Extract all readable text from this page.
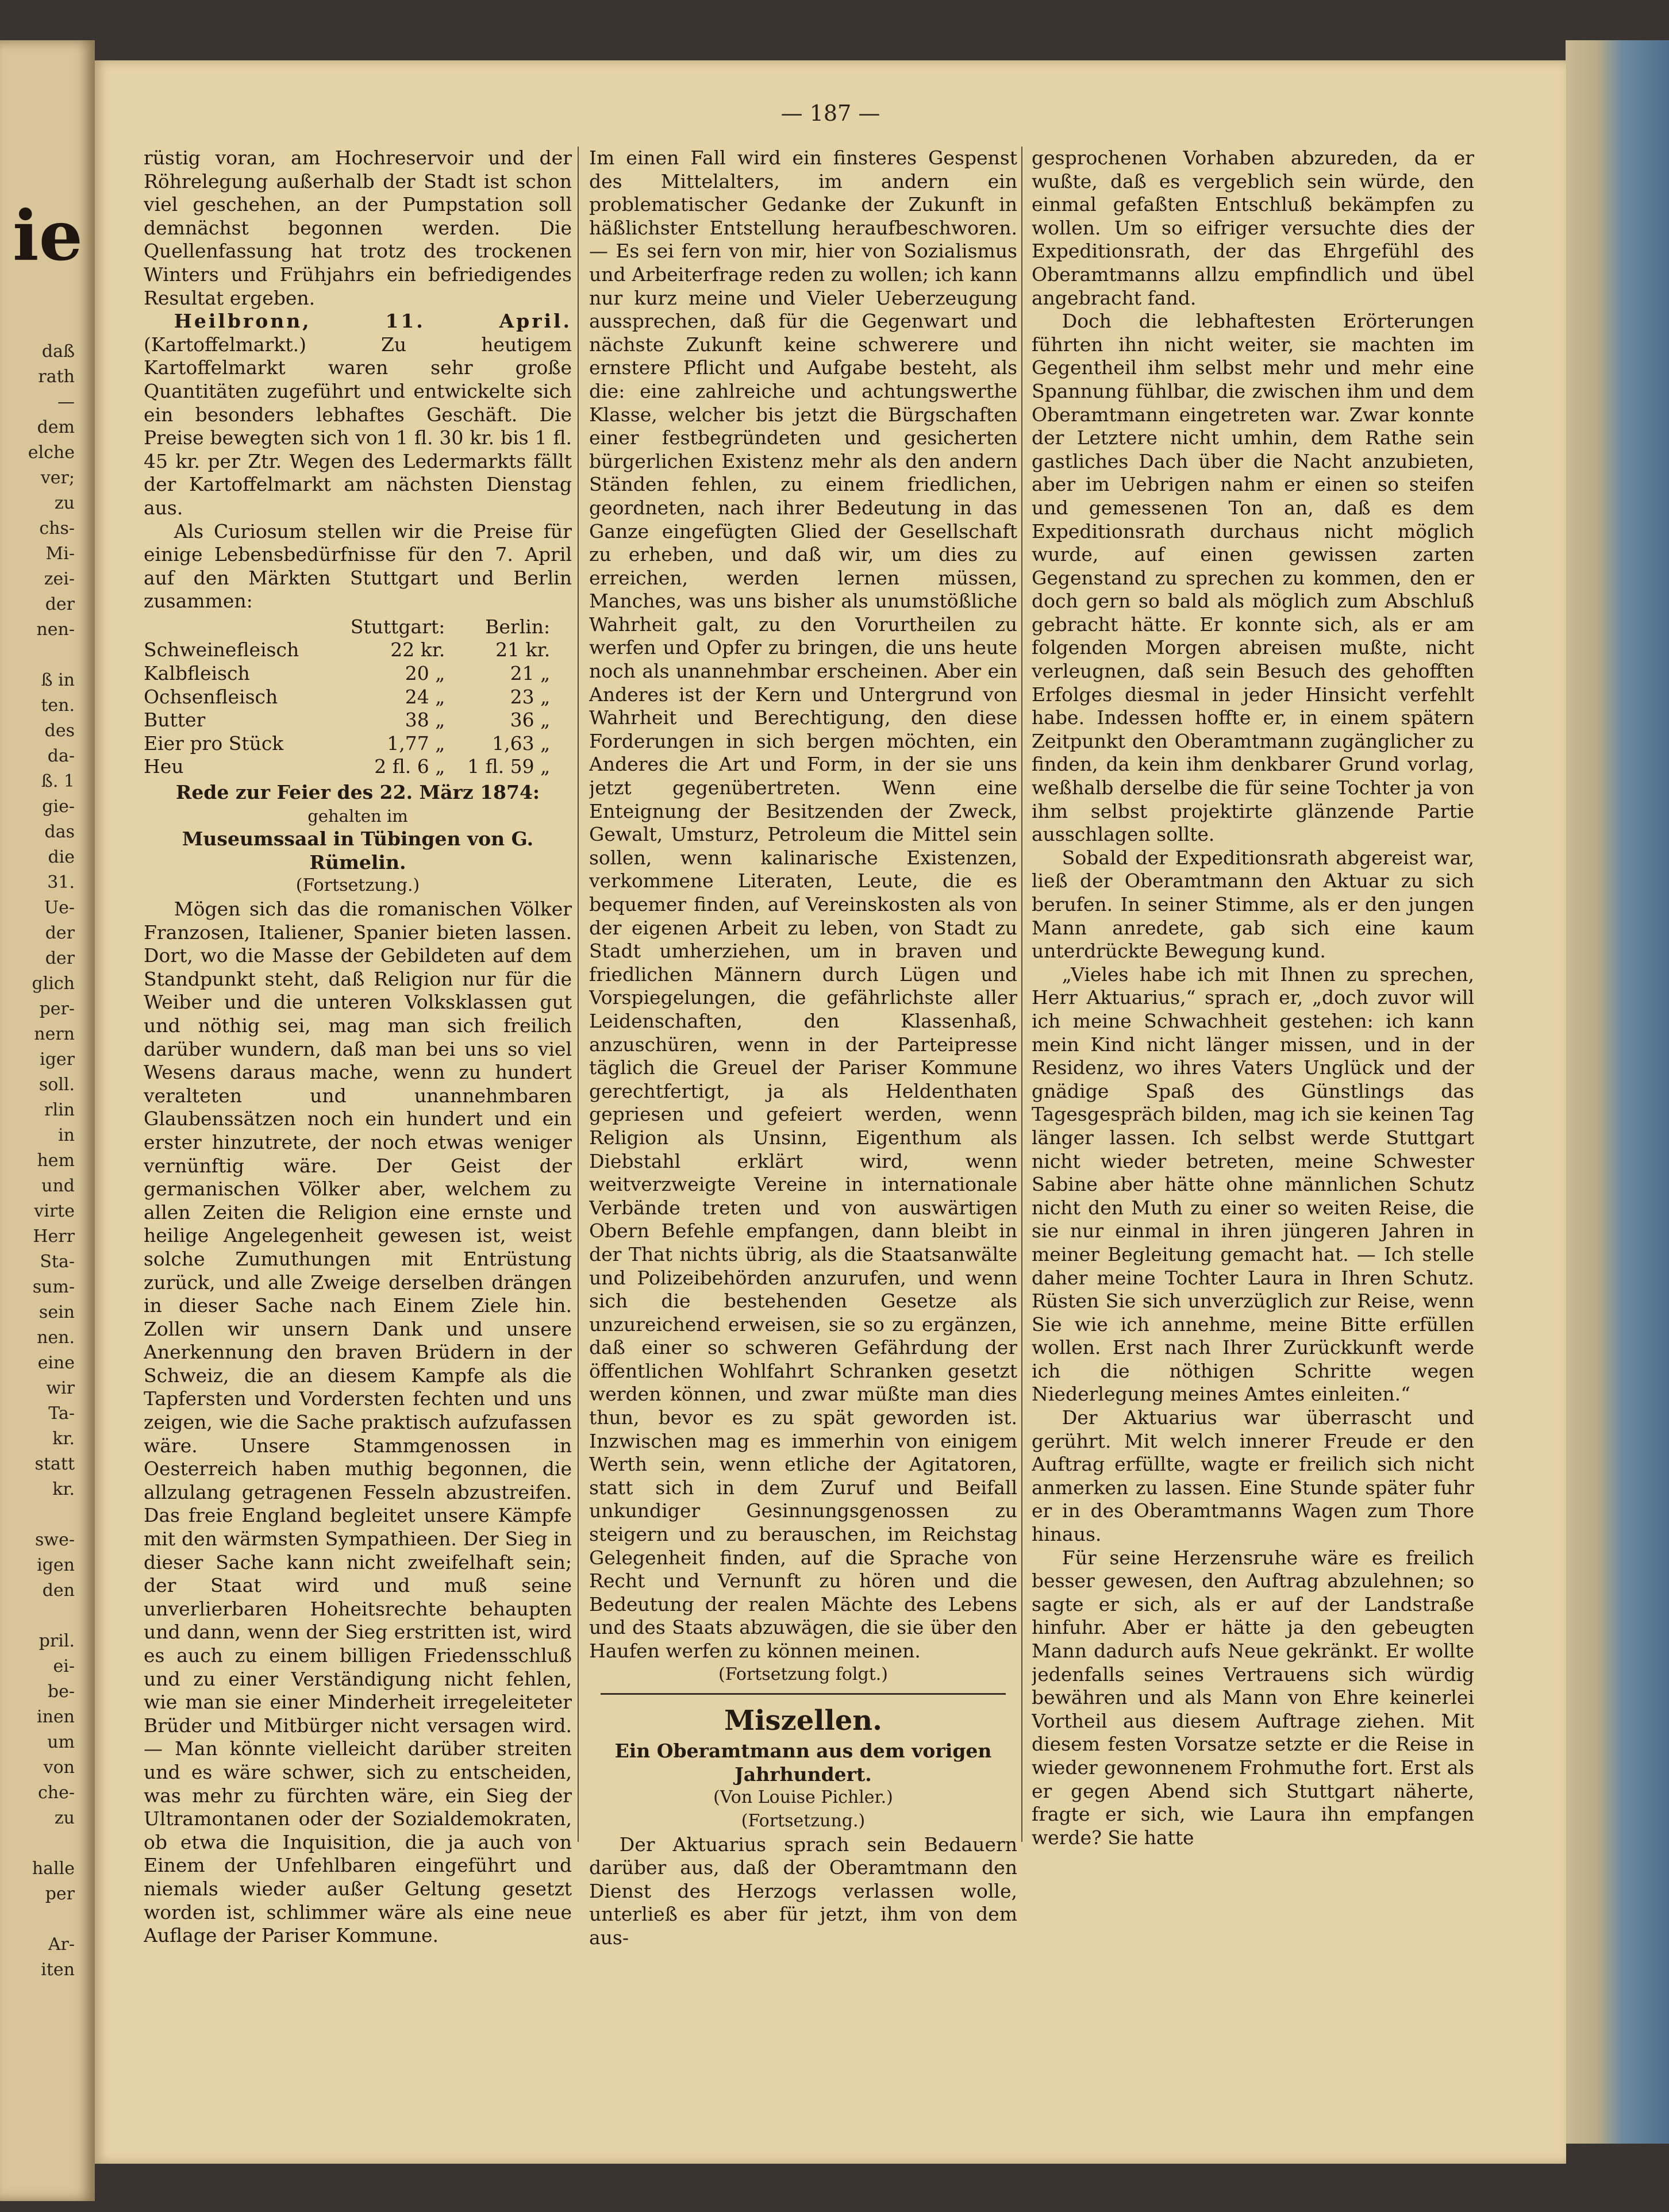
ie
daß
rath
—
dem
elche
ver;
zu
chs-
Mi-
zei-
der
nen-

ß in
ten.
des
da-
ß. 1
gie-
das
die
31.
Ue-
der
der
glich
per-
nern
iger
soll.
rlin
in
hem
und
virte
Herr
Sta-
sum-
sein
nen.
eine
wir
Ta-
kr.
statt
kr.

swe-
igen
den

pril.
ei-
be-
inen
um
von
che-
zu

halle
per

Ar-
iten
— 187 —

rüstig voran, am Hochreservoir und der Röhrelegung außerhalb der Stadt ist schon viel geschehen, an der Pumpstation soll demnächst begonnen werden. Die Quellenfassung hat trotz des trockenen Winters und Frühjahrs ein befriedigendes Resultat ergeben.

Heilbronn, 11. April. (Kartoffelmarkt.) Zu heutigem Kartoffelmarkt waren sehr große Quantitäten zugeführt und entwickelte sich ein besonders lebhaftes Geschäft. Die Preise bewegten sich von 1 fl. 30 kr. bis 1 fl. 45 kr. per Ztr. Wegen des Ledermarkts fällt der Kartoffelmarkt am nächsten Dienstag aus.

Als Curiosum stellen wir die Preise für einige Lebensbedürfnisse für den 7. April auf den Märkten Stuttgart und Berlin zusammen:

	Stuttgart:	Berlin:
Schweinefleisch	22 kr.	21 kr.
Kalbfleisch	20 „	21 „
Ochsenfleisch	24 „	23 „
Butter	38 „	36 „
Eier pro Stück	1,77 „	1,63 „
Heu	2 fl. 6 „	1 fl. 59 „
Rede zur Feier des 22. März 1874:
gehalten im
Museumssaal in Tübingen von G. Rümelin.
(Fortsetzung.)

Mögen sich das die romanischen Völker Franzosen, Italiener, Spanier bieten lassen. Dort, wo die Masse der Gebildeten auf dem Standpunkt steht, daß Religion nur für die Weiber und die unteren Volksklassen gut und nöthig sei, mag man sich freilich darüber wundern, daß man bei uns so viel Wesens daraus mache, wenn zu hundert veralteten und unannehmbaren Glaubenssätzen noch ein hundert und ein erster hinzutrete, der noch etwas weniger vernünftig wäre. Der Geist der germanischen Völker aber, welchem zu allen Zeiten die Religion eine ernste und heilige Angelegenheit gewesen ist, weist solche Zumuthungen mit Entrüstung zurück, und alle Zweige derselben drängen in dieser Sache nach Einem Ziele hin. Zollen wir unsern Dank und unsere Anerkennung den braven Brüdern in der Schweiz, die an diesem Kampfe als die Tapfersten und Vordersten fechten und uns zeigen, wie die Sache praktisch aufzufassen wäre. Unsere Stammgenossen in Oesterreich haben muthig begonnen, die allzulang getragenen Fesseln abzustreifen. Das freie England begleitet unsere Kämpfe mit den wärmsten Sympathieen. Der Sieg in dieser Sache kann nicht zweifelhaft sein; der Staat wird und muß seine unverlierbaren Hoheitsrechte behaupten und dann, wenn der Sieg erstritten ist, wird es auch zu einem billigen Friedensschluß und zu einer Verständigung nicht fehlen, wie man sie einer Minderheit irregeleiteter Brüder und Mitbürger nicht versagen wird. — Man könnte vielleicht darüber streiten und es wäre schwer, sich zu entscheiden, was mehr zu fürchten wäre, ein Sieg der Ultramontanen oder der Sozialdemokraten, ob etwa die Inquisition, die ja auch von Einem der Unfehlbaren eingeführt und niemals wieder außer Geltung gesetzt worden ist, schlimmer wäre als eine neue Auflage der Pariser Kommune.

Im einen Fall wird ein finsteres Gespenst des Mittelalters, im andern ein problematischer Gedanke der Zukunft in häßlichster Entstellung heraufbeschworen. — Es sei fern von mir, hier von Sozialismus und Arbeiterfrage reden zu wollen; ich kann nur kurz meine und Vieler Ueberzeugung aussprechen, daß für die Gegenwart und nächste Zukunft keine schwerere und ernstere Pflicht und Aufgabe besteht, als die: eine zahlreiche und achtungswerthe Klasse, welcher bis jetzt die Bürgschaften einer festbegründeten und gesicherten bürgerlichen Existenz mehr als den andern Ständen fehlen, zu einem friedlichen, geordneten, nach ihrer Bedeutung in das Ganze eingefügten Glied der Gesellschaft zu erheben, und daß wir, um dies zu erreichen, werden lernen müssen, Manches, was uns bisher als unumstößliche Wahrheit galt, zu den Vorurtheilen zu werfen und Opfer zu bringen, die uns heute noch als unannehmbar erscheinen. Aber ein Anderes ist der Kern und Untergrund von Wahrheit und Berechtigung, den diese Forderungen in sich bergen möchten, ein Anderes die Art und Form, in der sie uns jetzt gegenübertreten. Wenn eine Enteignung der Besitzenden der Zweck, Gewalt, Umsturz, Petroleum die Mittel sein sollen, wenn kalinarische Existenzen, verkommene Literaten, Leute, die es bequemer finden, auf Vereinskosten als von der eigenen Arbeit zu leben, von Stadt zu Stadt umherziehen, um in braven und friedlichen Männern durch Lügen und Vorspiegelungen, die gefährlichste aller Leidenschaften, den Klassenhaß, anzuschüren, wenn in der Parteipresse täglich die Greuel der Pariser Kommune gerechtfertigt, ja als Heldenthaten gepriesen und gefeiert werden, wenn Religion als Unsinn, Eigenthum als Diebstahl erklärt wird, wenn weitverzweigte Vereine in internationale Verbände treten und von auswärtigen Obern Befehle empfangen, dann bleibt in der That nichts übrig, als die Staatsanwälte und Polizeibehörden anzurufen, und wenn sich die bestehenden Gesetze als unzureichend erweisen, sie so zu ergänzen, daß einer so schweren Gefährdung der öffentlichen Wohlfahrt Schranken gesetzt werden können, und zwar müßte man dies thun, bevor es zu spät geworden ist. Inzwischen mag es immerhin von einigem Werth sein, wenn etliche der Agitatoren, statt sich in dem Zuruf und Beifall unkundiger Gesinnungsgenossen zu steigern und zu berauschen, im Reichstag Gelegenheit finden, auf die Sprache von Recht und Vernunft zu hören und die Bedeutung der realen Mächte des Lebens und des Staats abzuwägen, die sie über den Haufen werfen zu können meinen.

(Fortsetzung folgt.)
Miszellen.
Ein Oberamtmann aus dem vorigen
Jahrhundert.
(Von Louise Pichler.)
(Fortsetzung.)

Der Aktuarius sprach sein Bedauern darüber aus, daß der Oberamtmann den Dienst des Herzogs verlassen wolle, unterließ es aber für jetzt, ihm von dem aus-

gesprochenen Vorhaben abzureden, da er wußte, daß es vergeblich sein würde, den einmal gefaßten Entschluß bekämpfen zu wollen. Um so eifriger versuchte dies der Expeditionsrath, der das Ehrgefühl des Oberamtmanns allzu empfindlich und übel angebracht fand.

Doch die lebhaftesten Erörterungen führten ihn nicht weiter, sie machten im Gegentheil ihm selbst mehr und mehr eine Spannung fühlbar, die zwischen ihm und dem Oberamtmann eingetreten war. Zwar konnte der Letztere nicht umhin, dem Rathe sein gastliches Dach über die Nacht anzubieten, aber im Uebrigen nahm er einen so steifen und gemessenen Ton an, daß es dem Expeditionsrath durchaus nicht möglich wurde, auf einen gewissen zarten Gegenstand zu sprechen zu kommen, den er doch gern so bald als möglich zum Abschluß gebracht hätte. Er konnte sich, als er am folgenden Morgen abreisen mußte, nicht verleugnen, daß sein Besuch des gehofften Erfolges diesmal in jeder Hinsicht verfehlt habe. Indessen hoffte er, in einem spätern Zeitpunkt den Oberamtmann zugänglicher zu finden, da kein ihm denkbarer Grund vorlag, weßhalb derselbe die für seine Tochter ja von ihm selbst projektirte glänzende Partie ausschlagen sollte.

Sobald der Expeditionsrath abgereist war, ließ der Oberamtmann den Aktuar zu sich berufen. In seiner Stimme, als er den jungen Mann anredete, gab sich eine kaum unterdrückte Bewegung kund.

„Vieles habe ich mit Ihnen zu sprechen, Herr Aktuarius,“ sprach er, „doch zuvor will ich meine Schwachheit gestehen: ich kann mein Kind nicht länger missen, und in der Residenz, wo ihres Vaters Unglück und der gnädige Spaß des Günstlings das Tagesgespräch bilden, mag ich sie keinen Tag länger lassen. Ich selbst werde Stuttgart nicht wieder betreten, meine Schwester Sabine aber hätte ohne männlichen Schutz nicht den Muth zu einer so weiten Reise, die sie nur einmal in ihren jüngeren Jahren in meiner Begleitung gemacht hat. — Ich stelle daher meine Tochter Laura in Ihren Schutz. Rüsten Sie sich unverzüglich zur Reise, wenn Sie wie ich annehme, meine Bitte erfüllen wollen. Erst nach Ihrer Zurückkunft werde ich die nöthigen Schritte wegen Niederlegung meines Amtes einleiten.“

Der Aktuarius war überrascht und gerührt. Mit welch innerer Freude er den Auftrag erfüllte, wagte er freilich sich nicht anmerken zu lassen. Eine Stunde später fuhr er in des Oberamtmanns Wagen zum Thore hinaus.

Für seine Herzensruhe wäre es freilich besser gewesen, den Auftrag abzulehnen; so sagte er sich, als er auf der Landstraße hinfuhr. Aber er hätte ja den gebeugten Mann dadurch aufs Neue gekränkt. Er wollte jedenfalls seines Vertrauens sich würdig bewähren und als Mann von Ehre keinerlei Vortheil aus diesem Auftrage ziehen. Mit diesem festen Vorsatze setzte er die Reise in wieder gewonnenem Frohmuthe fort. Erst als er gegen Abend sich Stuttgart näherte, fragte er sich, wie Laura ihn empfangen werde? Sie hatte
